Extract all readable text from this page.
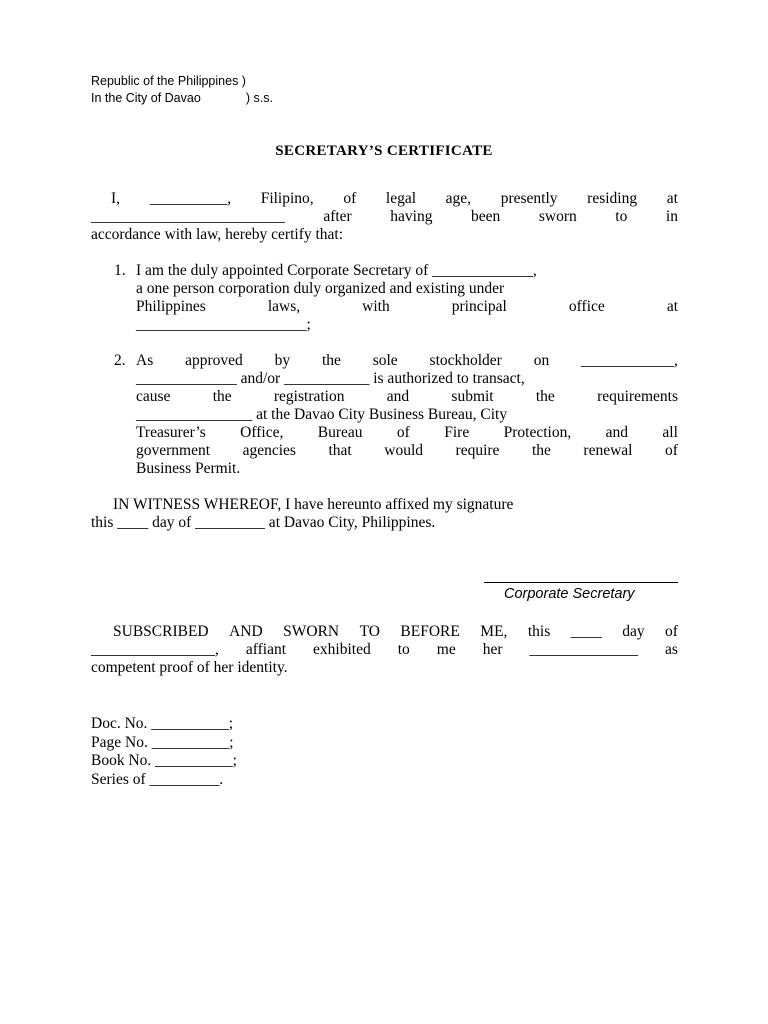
Republic of the Philippines )
In the City of Davao             ) s.s.
SECRETARY’S CERTIFICATE
I, __________, Filipino, of legal age, presently residing at
_________________________ after having been sworn to in
accordance with law, hereby certify that:
1. I am the duly appointed Corporate Secretary of _____________,
a one person corporation duly organized and existing under
Philippines	laws,	with	principal	office	at
______________________;
2. As approved by the sole stockholder on ____________,
_____________ and/or ___________ is authorized to transact,
cause	the	registration	and	submit	the	requirements
_______________ at the Davao City Business Bureau, City
Treasurer’s Office, Bureau of Fire Protection, and all
government agencies that would require the renewal of
Business Permit.
IN WITNESS WHEREOF, I have hereunto affixed my signature
this ____ day of _________ at Davao City, Philippines.
Corporate Secretary
SUBSCRIBED AND SWORN TO BEFORE ME, this ____ day of
________________, affiant exhibited to me her ______________ as
competent proof of her identity.
Doc. No. __________;
Page No. __________;
Book No. __________;
Series of _________.
